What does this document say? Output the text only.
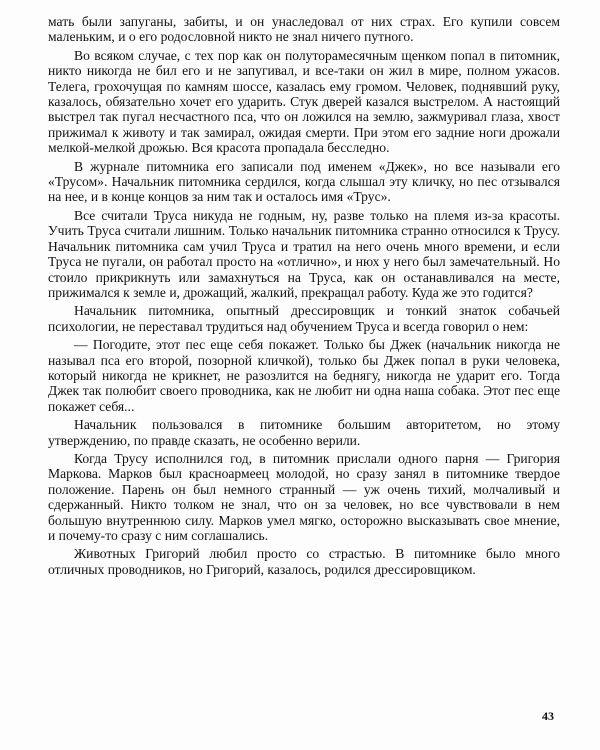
мать были запуганы, забиты, и он унаследовал от них страх. Его купили совсем маленьким, и о его родословной никто не знал ничего путного.

Во всяком случае, с тех пор как он полуторамесячным щенком попал в питомник, никто никогда не бил его и не запугивал, и все-таки он жил в мире, полном ужасов. Телега, грохочущая по камням шоссе, казалась ему громом. Человек, поднявший руку, казалось, обязательно хочет его ударить. Стук дверей казался выстрелом. А настоящий выстрел так пугал несчастного пса, что он ложился на землю, зажмуривал глаза, хвост прижимал к животу и так замирал, ожидая смерти. При этом его задние ноги дрожали мелкой-мелкой дрожью. Вся красота пропадала бесследно.

В журнале питомника его записали под именем «Джек», но все называли его «Трусом». Начальник питомника сердился, когда слышал эту кличку, но пес отзывался на нее, и в конце концов за ним так и осталось имя «Трус».

Все считали Труса никуда не годным, ну, разве только на племя из-за красоты. Учить Труса считали лишним. Только начальник питомника странно относился к Трусу. Начальник питомника сам учил Труса и тратил на него очень много времени, и если Труса не пугали, он работал просто на «отлично», и нюх у него был замечательный. Но стоило прикрикнуть или замахнуться на Труса, как он останавливался на месте, прижимался к земле и, дрожащий, жалкий, прекращал работу. Куда же это годится?

Начальник питомника, опытный дрессировщик и тонкий знаток собачьей психологии, не переставал трудиться над обучением Труса и всегда говорил о нем:

— Погодите, этот пес еще себя покажет. Только бы Джек (начальник никогда не называл пса его второй, позорной кличкой), только бы Джек попал в руки человека, который никогда не крикнет, не разозлится на беднягу, никогда не ударит его. Тогда Джек так полюбит своего проводника, как не любит ни одна наша собака. Этот пес еще покажет себя...

Начальник пользовался в питомнике большим авторитетом, но этому утверждению, по правде сказать, не особенно верили.

Когда Трусу исполнился год, в питомник прислали одного парня — Григория Маркова. Марков был красноармеец молодой, но сразу занял в питомнике твердое положение. Парень он был немного странный — уж очень тихий, молчаливый и сдержанный. Никто толком не знал, что он за человек, но все чувствовали в нем большую внутреннюю силу. Марков умел мягко, осторожно высказывать свое мнение, и почему-то сразу с ним соглашались.

Животных Григорий любил просто со страстью. В питомнике было много отличных проводников, но Григорий, казалось, родился дрессировщиком.

43
